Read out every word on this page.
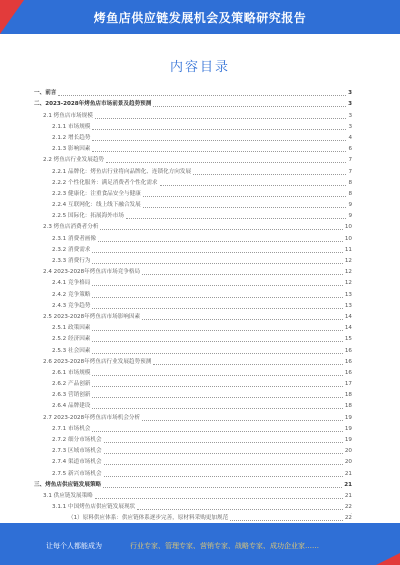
烤鱼店供应链发展机会及策略研究报告
内容目录
一、前言	3
二、2023-2028年烤鱼店市场前景及趋势预测	3
2.1 烤鱼店市场规模	3
2.1.1 市场规模	3
2.1.2 增长趋势	4
2.1.3 影响因素	6
2.2 烤鱼店行业发展趋势	7
2.2.1 品牌化：烤鱼店行业将向品牌化、连锁化方向发展	7
2.2.2 个性化服务：满足消费者个性化需求	8
2.2.3 健康化：注重食品安全与健康	8
2.2.4 互联网化：线上线下融合发展	9
2.2.5 国际化：拓展海外市场	9
2.3 烤鱼店消费者分析	10
2.3.1 消费者画像	10
2.3.2 消费需求	11
2.3.3 消费行为	12
2.4 2023-2028年烤鱼店市场竞争格局	12
2.4.1 竞争格局	12
2.4.2 竞争策略	13
2.4.3 竞争趋势	13
2.5 2023-2028年烤鱼店市场影响因素	14
2.5.1 政策因素	14
2.5.2 经济因素	15
2.5.3 社会因素	16
2.6 2023-2028年烤鱼店行业发展趋势预测	16
2.6.1 市场规模	16
2.6.2 产品创新	17
2.6.3 营销创新	18
2.6.4 品牌建设	18
2.7 2023-2028年烤鱼店市场机会分析	19
2.7.1 市场机会	19
2.7.2 细分市场机会	19
2.7.3 区域市场机会	20
2.7.4 渠道市场机会	20
2.7.5 新兴市场机会	21
三、烤鱼店供应链发展策略	21
3.1 供应链发展策略	21
3.1.1 中国烤鱼店供应链发展现状	22
（1）原料供应体系：供应链体系逐步完善，原材料采购更加规范	22
.
让每个人都能成为	行业专家、管理专家、营销专家、战略专家、成功企业家……
